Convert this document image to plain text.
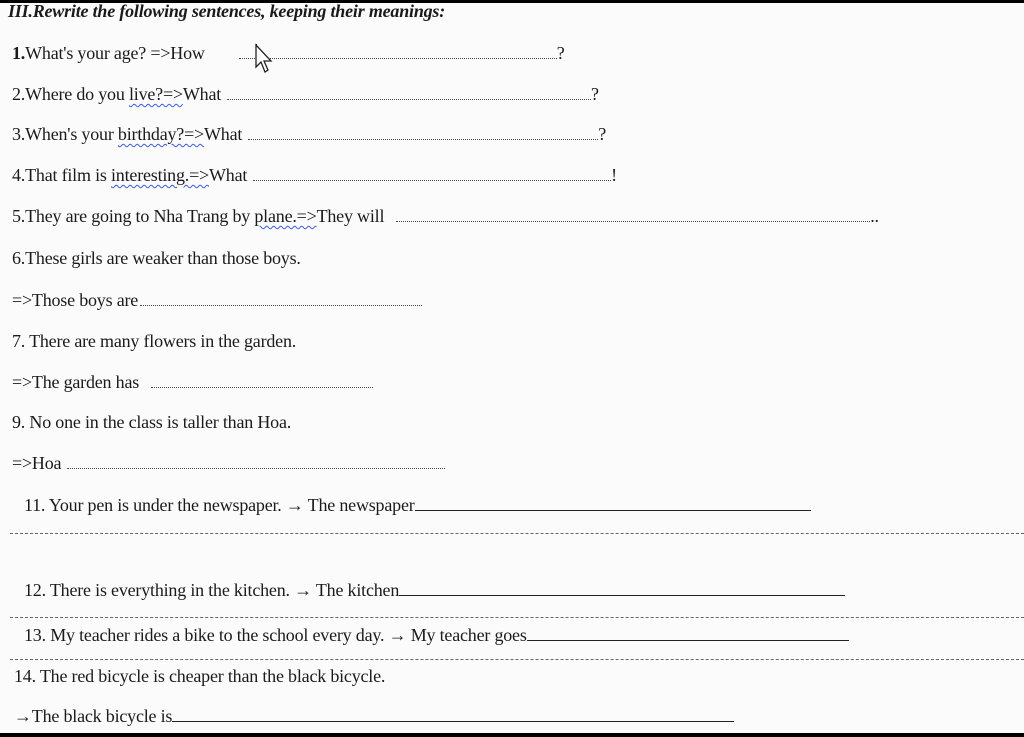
III.Rewrite the following sentences, keeping their meanings:
1.What's your age? =>How	?
2.Where do you live?=>What	?
3.When's your birthday?=>What	?
4.That film is interesting.=>What	!
5.They are going to Nha Trang by plane.=>They will	..
6.These girls are weaker than those boys.
=>Those boys are
7. There are many flowers in the garden.
=>The garden has
9. No one in the class is taller than Hoa.
=>Hoa
11. Your pen is under the newspaper. → The newspaper
12. There is everything in the kitchen. → The kitchen
13. My teacher rides a bike to the school every day. → My teacher goes
14. The red bicycle is cheaper than the black bicycle.
→The black bicycle is
